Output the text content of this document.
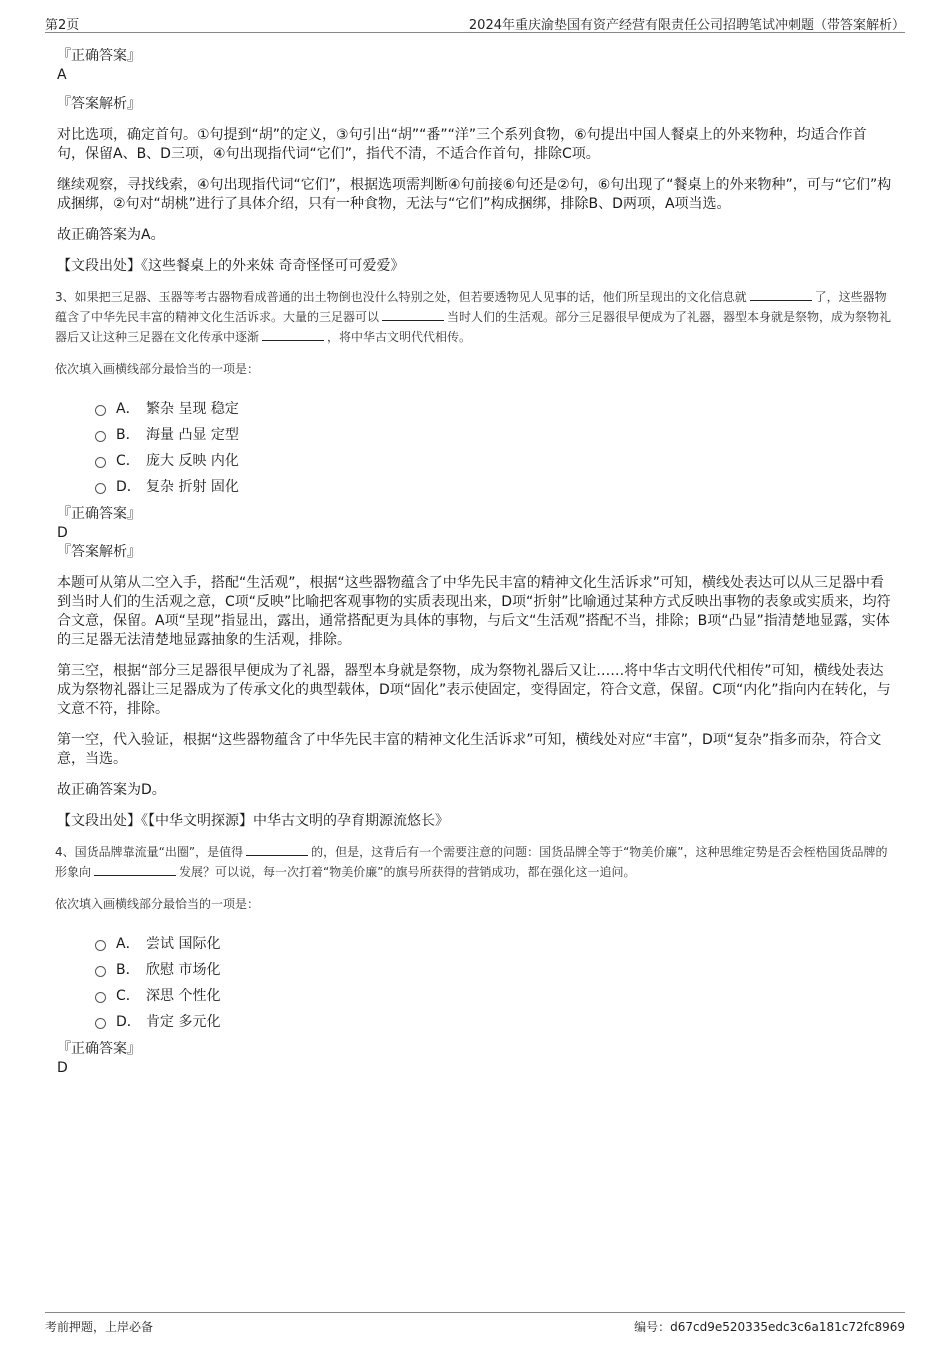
第2页	2024年重庆渝垫国有资产经营有限责任公司招聘笔试冲刺题（带答案解析）
『正确答案』
A
『答案解析』

对比选项，确定首句。①句提到“胡”的定义，③句引出“胡”“番”“洋”三个系列食物，⑥句提出中国人餐桌上的外来物种，均适合作首句，保留A、B、D三项，④句出现指代词“它们”，指代不清，不适合作首句，排除C项。

继续观察，寻找线索，④句出现指代词“它们”，根据选项需判断④句前接⑥句还是②句，⑥句出现了“餐桌上的外来物种”，可与“它们”构成捆绑，②句对“胡桃”进行了具体介绍，只有一种食物，无法与“它们”构成捆绑，排除B、D两项，A项当选。

故正确答案为A。

【文段出处】《这些餐桌上的外来妹 奇奇怪怪可可爱爱》

3、如果把三足器、玉器等考古器物看成普通的出土物倒也没什么特别之处，但若要透物见人见事的话，他们所呈现出的文化信息就	了，这些器物蕴含了中华先民丰富的精神文化生活诉求。大量的三足器可以	当时人们的生活观。部分三足器很早便成为了礼器，器型本身就是祭物，成为祭物礼器后又让这种三足器在文化传承中逐渐	，将中华古文明代代相传。

依次填入画横线部分最恰当的一项是：

A． 繁杂 呈现 稳定
B． 海量 凸显 定型
C． 庞大 反映 内化
D． 复杂 折射 固化
『正确答案』
D
『答案解析』

本题可从第从二空入手，搭配“生活观”，根据“这些器物蕴含了中华先民丰富的精神文化生活诉求”可知，横线处表达可以从三足器中看到当时人们的生活观之意，C项“反映”比喻把客观事物的实质表现出来，D项“折射”比喻通过某种方式反映出事物的表象或实质来，均符合文意，保留。A项“呈现”指显出，露出，通常搭配更为具体的事物，与后文“生活观”搭配不当，排除；B项“凸显”指清楚地显露，实体的三足器无法清楚地显露抽象的生活观，排除。

第三空，根据“部分三足器很早便成为了礼器，器型本身就是祭物，成为祭物礼器后又让……将中华古文明代代相传”可知，横线处表达成为祭物礼器让三足器成为了传承文化的典型载体，D项“固化”表示使固定，变得固定，符合文意，保留。C项“内化”指向内在转化，与文意不符，排除。

第一空，代入验证，根据“这些器物蕴含了中华先民丰富的精神文化生活诉求”可知，横线处对应“丰富”，D项“复杂”指多而杂，符合文意，当选。

故正确答案为D。

【文段出处】《【中华文明探源】中华古文明的孕育期源流悠长》

4、国货品牌靠流量“出圈”，是值得	的，但是，这背后有一个需要注意的问题：国货品牌全等于“物美价廉”，这种思维定势是否会桎梏国货品牌的形象向	发展？可以说，每一次打着“物美价廉”的旗号所获得的营销成功，都在强化这一追问。

依次填入画横线部分最恰当的一项是：

A． 尝试 国际化
B． 欣慰 市场化
C． 深思 个性化
D． 肯定 多元化
『正确答案』
D
考前押题，上岸必备	编号：d67cd9e520335edc3c6a181c72fc8969
